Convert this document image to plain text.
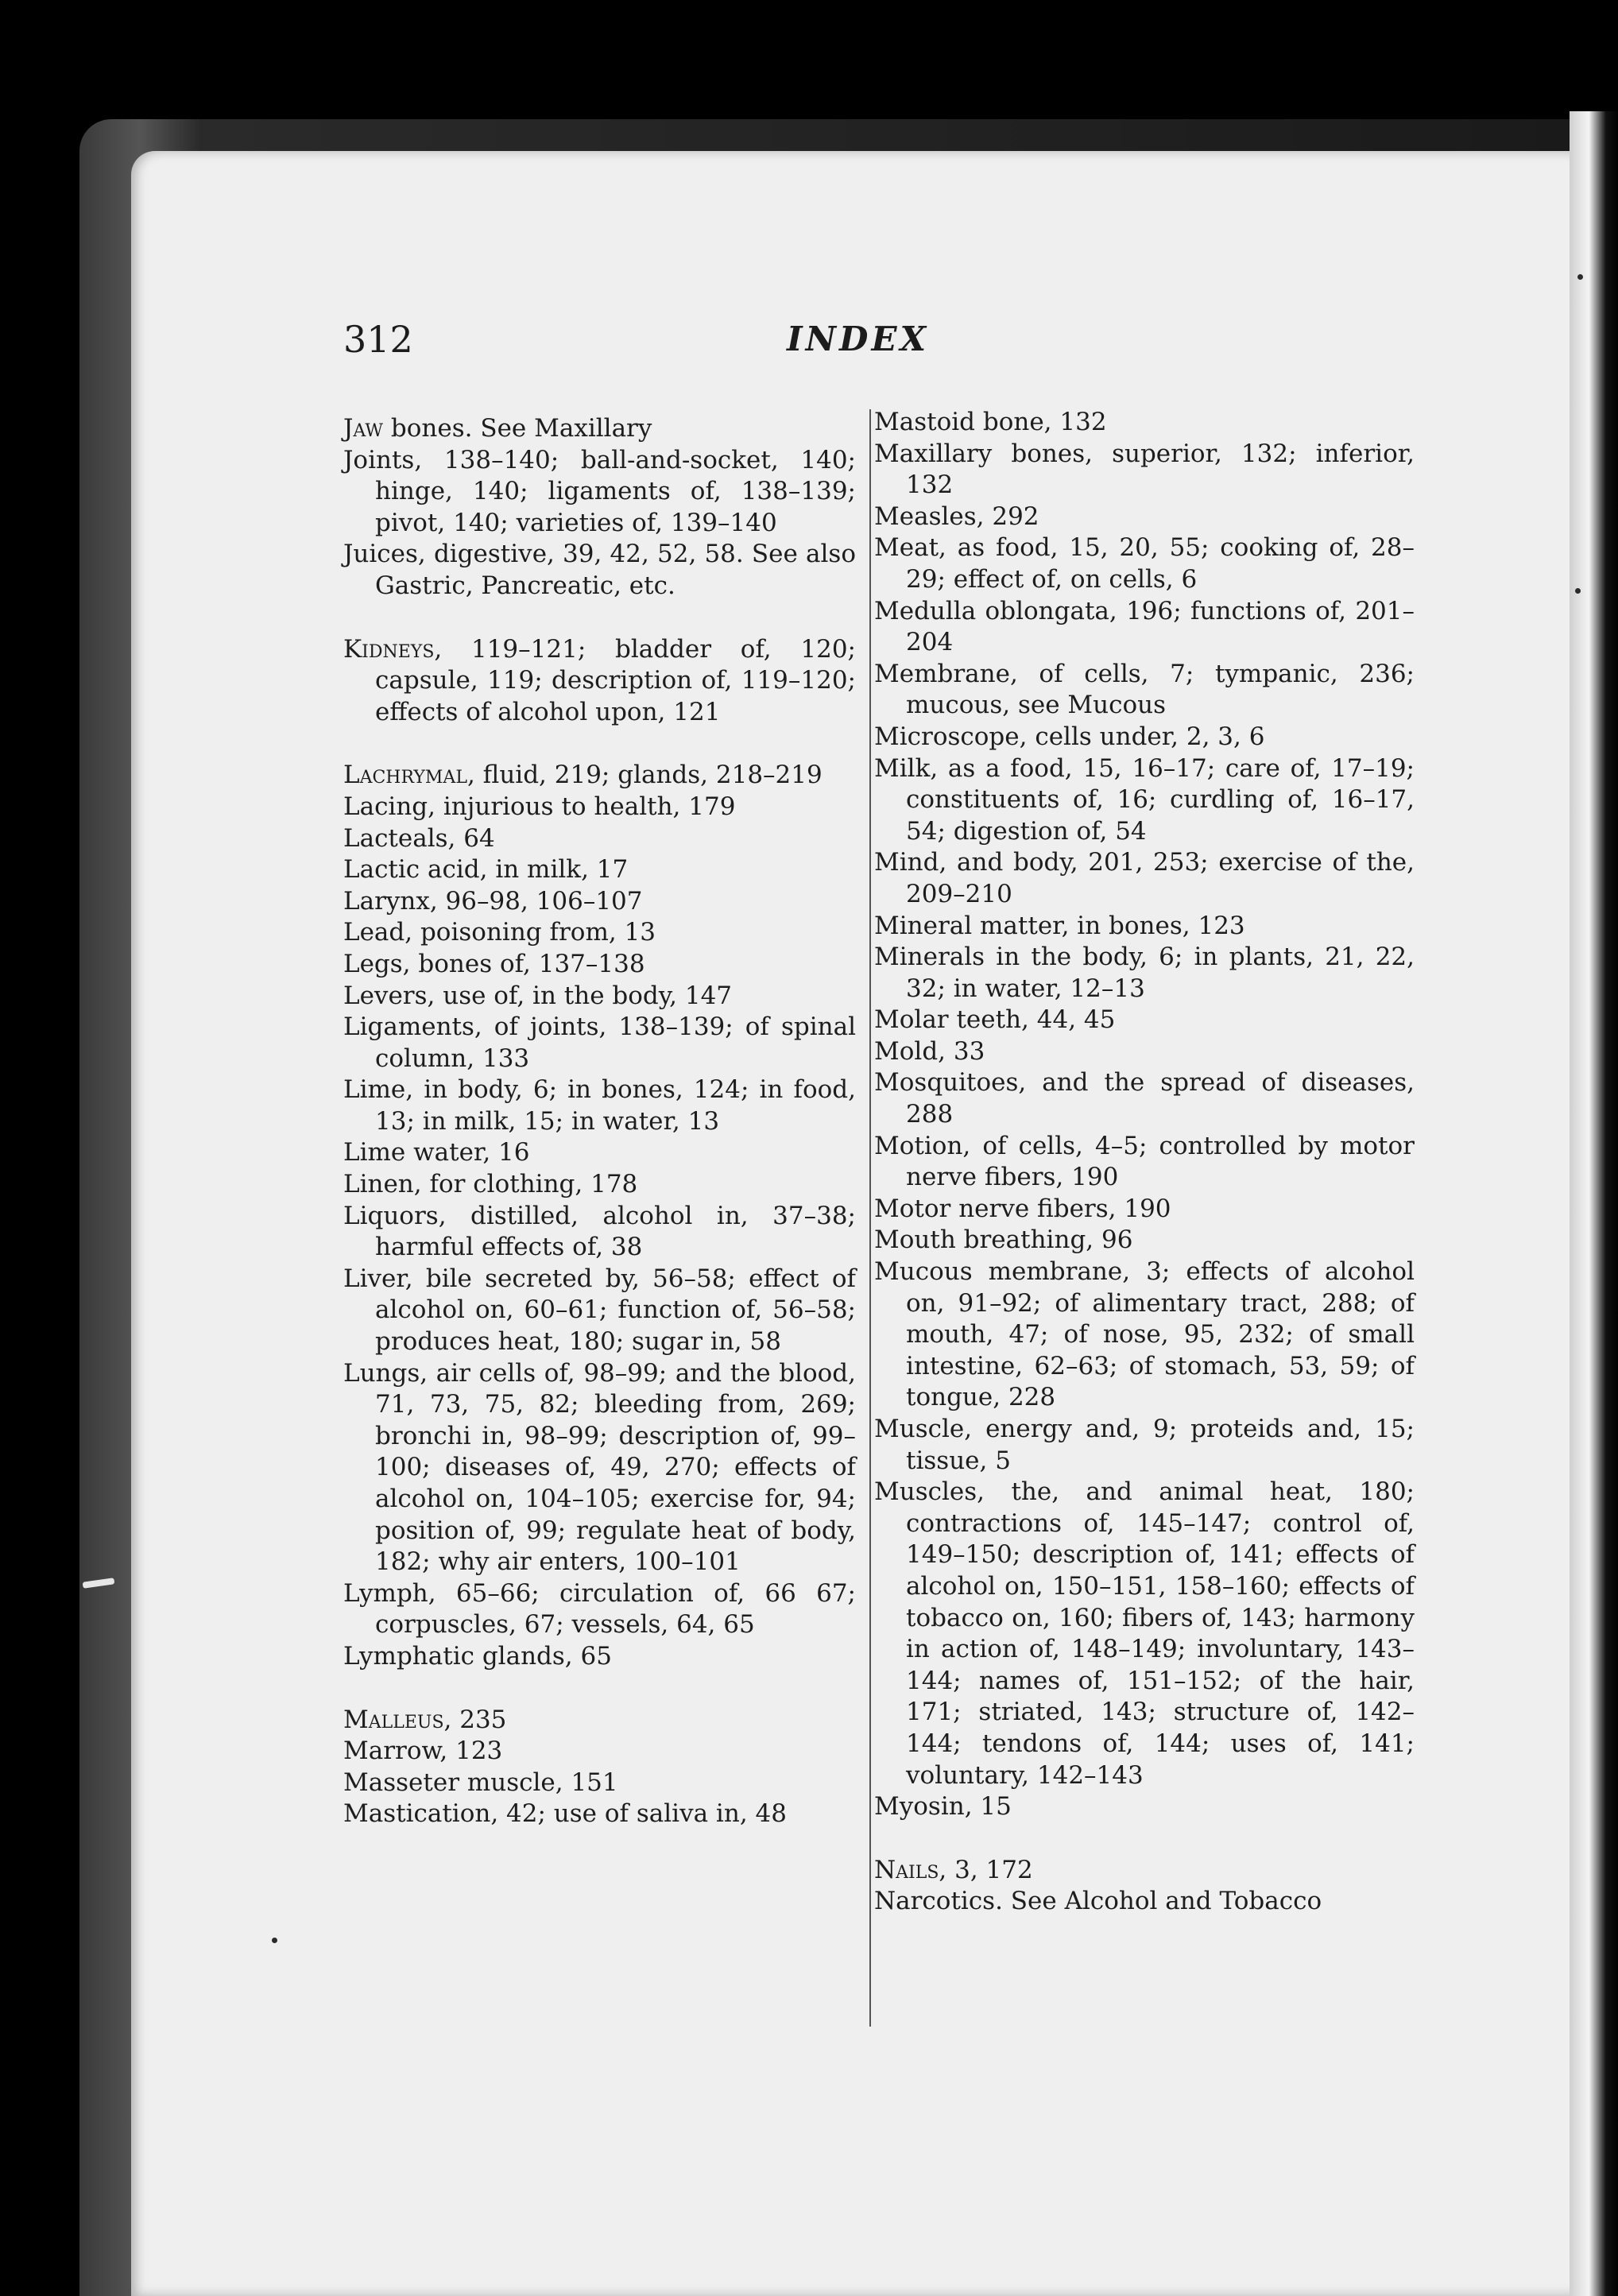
312	INDEX

Jaw bones. See Maxillary

Joints, 138–140; ball-and-socket, 140; hinge, 140; ligaments of, 138–139; pivot, 140; varieties of, 139–140

Juices, digestive, 39, 42, 52, 58. See also Gastric, Pancreatic, etc.

Kidneys, 119–121; bladder of, 120; capsule, 119; description of, 119–120; effects of alcohol upon, 121

Lachrymal, fluid, 219; glands, 218–219

Lacing, injurious to health, 179

Lacteals, 64

Lactic acid, in milk, 17

Larynx, 96–98, 106–107

Lead, poisoning from, 13

Legs, bones of, 137–138

Levers, use of, in the body, 147

Ligaments, of joints, 138–139; of spinal column, 133

Lime, in body, 6; in bones, 124; in food, 13; in milk, 15; in water, 13

Lime water, 16

Linen, for clothing, 178

Liquors, distilled, alcohol in, 37–38; harmful effects of, 38

Liver, bile secreted by, 56–58; effect of alcohol on, 60–61; function of, 56–58; produces heat, 180; sugar in, 58

Lungs, air cells of, 98–99; and the blood, 71, 73, 75, 82; bleeding from, 269; bronchi in, 98–99; description of, 99–100; diseases of, 49, 270; effects of alcohol on, 104–105; exercise for, 94; position of, 99; regulate heat of body, 182; why air enters, 100–101

Lymph, 65–66; circulation of, 66 67; corpuscles, 67; vessels, 64, 65

Lymphatic glands, 65

Malleus, 235

Marrow, 123

Masseter muscle, 151

Mastication, 42; use of saliva in, 48

Mastoid bone, 132

Maxillary bones, superior, 132; inferior, 132

Measles, 292

Meat, as food, 15, 20, 55; cooking of, 28–29; effect of, on cells, 6

Medulla oblongata, 196; functions of, 201–204

Membrane, of cells, 7; tympanic, 236; mucous, see Mucous

Microscope, cells under, 2, 3, 6

Milk, as a food, 15, 16–17; care of, 17–19; constituents of, 16; curdling of, 16–17, 54; digestion of, 54

Mind, and body, 201, 253; exercise of the, 209–210

Mineral matter, in bones, 123

Minerals in the body, 6; in plants, 21, 22, 32; in water, 12–13

Molar teeth, 44, 45

Mold, 33

Mosquitoes, and the spread of diseases, 288

Motion, of cells, 4–5; controlled by motor nerve fibers, 190

Motor nerve fibers, 190

Mouth breathing, 96

Mucous membrane, 3; effects of alcohol on, 91–92; of alimentary tract, 288; of mouth, 47; of nose, 95, 232; of small intestine, 62–63; of stomach, 53, 59; of tongue, 228

Muscle, energy and, 9; proteids and, 15; tissue, 5

Muscles, the, and animal heat, 180; contractions of, 145–147; control of, 149–150; description of, 141; effects of alcohol on, 150–151, 158–160; effects of tobacco on, 160; fibers of, 143; harmony in action of, 148–149; involuntary, 143–144; names of, 151–152; of the hair, 171; striated, 143; structure of, 142–144; tendons of, 144; uses of, 141; voluntary, 142–143

Myosin, 15

Nails, 3, 172

Narcotics. See Alcohol and Tobacco
